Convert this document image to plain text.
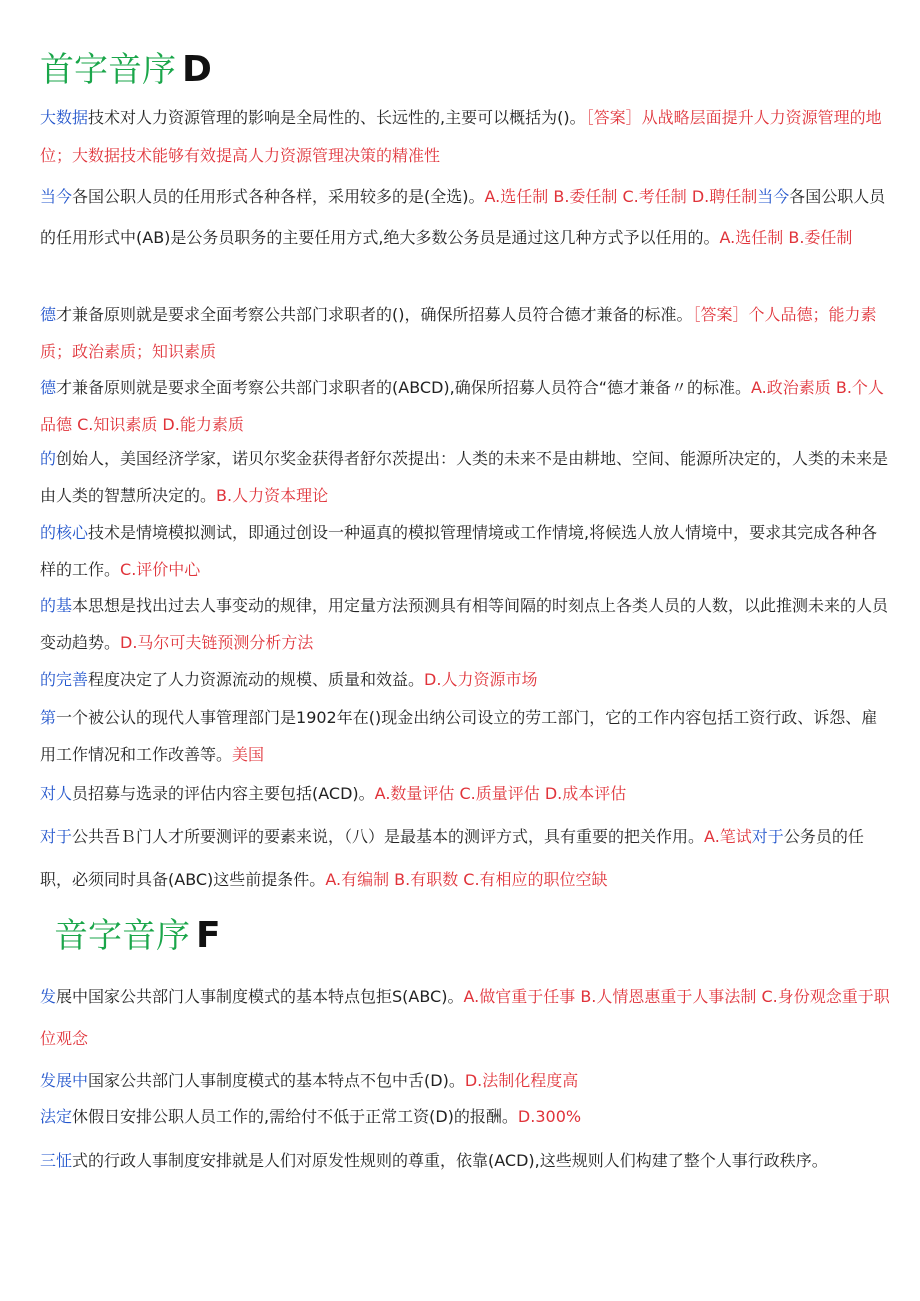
首字音序 D
大数据技术对人力资源管理的影响是全局性的、长远性的,主要可以概括为()。［答案］从战略层面提升人力资源管理的地位；大数据技术能够有效提高人力资源管理决策的精准性
当今各国公职人员的任用形式各种各样，采用较多的是(全选)。A.选任制 B.委任制 C.考任制 D.聘任制当今各国公职人员的任用形式中(AB)是公务员职务的主要任用方式,绝大多数公务员是通过这几种方式予以任用的。A.选任制 B.委任制
德才兼备原则就是要求全面考察公共部门求职者的()，确保所招募人员符合德才兼备的标准。［答案］个人品德；能力素质；政治素质；知识素质
德才兼备原则就是要求全面考察公共部门求职者的(ABCD),确保所招募人员符合“德才兼备〃的标准。A.政治素质 B.个人品德 C.知识素质 D.能力素质
的创始人，美国经济学家，诺贝尔奖金获得者舒尔茨提出：人类的未来不是由耕地、空间、能源所决定的，人类的未来是由人类的智慧所决定的。B.人力资本理论
的核心技术是情境模拟测试，即通过创设一种逼真的模拟管理情境或工作情境,将候选人放人情境中，要求其完成各种各样的工作。C.评价中心
的基本思想是找出过去人事变动的规律，用定量方法预测具有相等间隔的时刻点上各类人员的人数，以此推测未来的人员变动趋势。D.马尔可夫链预测分析方法
的完善程度决定了人力资源流动的规模、质量和效益。D.人力资源市场
第一个被公认的现代人事管理部门是1902年在()现金出纳公司设立的劳工部门，它的工作内容包括工资行政、诉怨、雇用工作情况和工作改善等。美国
对人员招募与选录的评估内容主要包括(ACD)。A.数量评估 C.质量评估 D.成本评估
对于公共吾Ｂ门人才所要测评的要素来说，（八）是最基本的测评方式，具有重要的把关作用。A.笔试对于公务员的任职，必须同时具备(ABC)这些前提条件。A.有编制 B.有职数 C.有相应的职位空缺
音字音序 F
发展中国家公共部门人事制度模式的基本特点包拒S(ABC)。A.做官重于任事 B.人情恩惠重于人事法制 C.身份观念重于职位观念
发展中国家公共部门人事制度模式的基本特点不包中舌(D)。D.法制化程度高
法定休假日安排公职人员工作的,需给付不低于正常工资(D)的报酬。D.300%
三怔式的行政人事制度安排就是人们对原发性规则的尊重，依靠(ACD),这些规则人们构建了整个人事行政秩序。
